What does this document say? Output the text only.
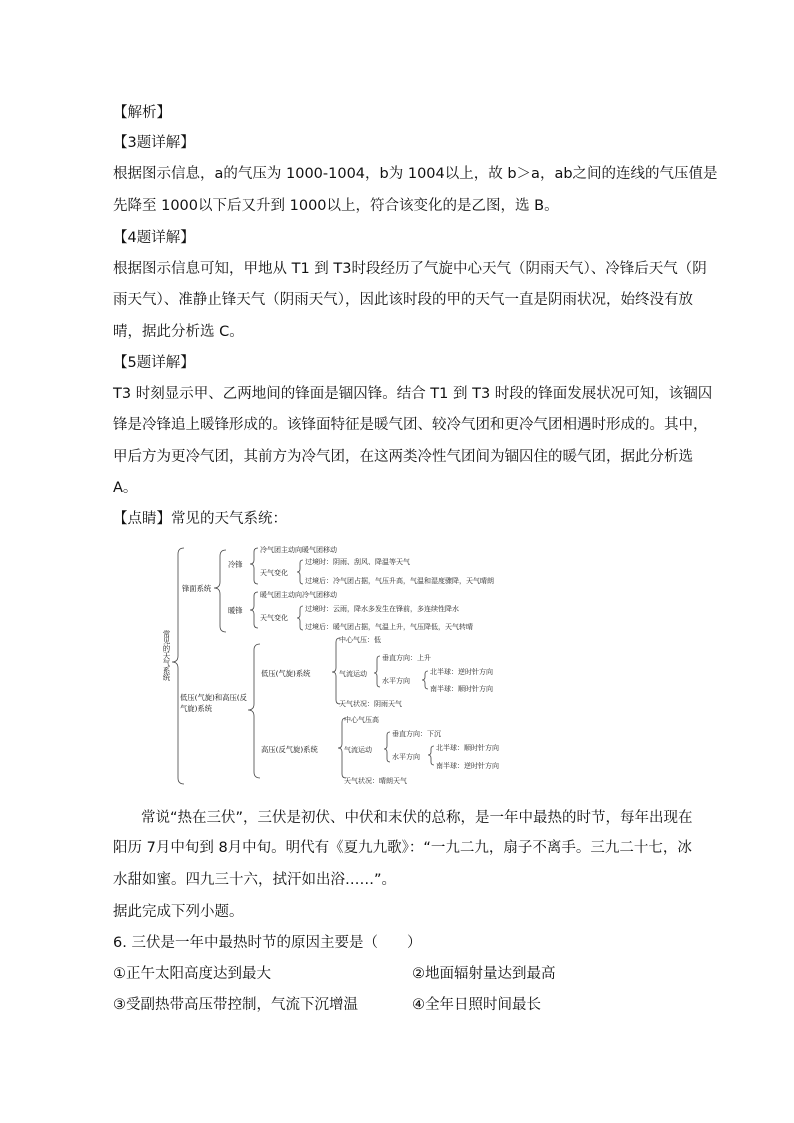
【解析】
【3题详解】
根据图示信息，a的气压为 1000-1004，b为 1004以上，故 b＞a，ab之间的连线的气压值是
先降至 1000以下后又升到 1000以上，符合该变化的是乙图，选 B。
【4题详解】
根据图示信息可知，甲地从 T1 到 T3时段经历了气旋中心天气（阴雨天气）、冷锋后天气（阴
雨天气）、准静止锋天气（阴雨天气），因此该时段的甲的天气一直是阴雨状况，始终没有放
晴，据此分析选 C。
【5题详解】
T3 时刻显示甲、乙两地间的锋面是锢囚锋。结合 T1 到 T3 时段的锋面发展状况可知，该锢囚
锋是冷锋追上暖锋形成的。该锋面特征是暖气团、较冷气团和更冷气团相遇时形成的。其中，
甲后方为更冷气团，其前方为冷气团，在这两类冷性气团间为锢囚住的暖气团，据此分析选
A。
【点睛】常见的天气系统：
常见的天气系统
锋面系统
冷锋
冷气团主动向暖气团移动
天气变化
过境时：阴雨、刮风、降温等天气
过境后：冷气团占据，气压升高，气温和湿度骤降，天气晴朗
暖锋
暖气团主动向冷气团移动
天气变化
过境时：云雨，降水多发生在锋前，多连续性降水
过境后：暖气团占据，气温上升，气压降低，天气转晴
低压(气旋)和高压(反气旋)系统
低压(气旋)系统
中心气压：低
气流运动
垂直方向：上升
水平方向
北半球：逆时针方向
南半球：顺时针方向
天气状况：阴雨天气
高压(反气旋)系统
中心气压高
气流运动
垂直方向：下沉
水平方向
北半球：顺时针方向
南半球：逆时针方向
天气状况：晴朗天气
常说“热在三伏”，三伏是初伏、中伏和末伏的总称，是一年中最热的时节，每年出现在
阳历 7月中旬到 8月中旬。明代有《夏九九歌》：“一九二九，扇子不离手。三九二十七，冰
水甜如蜜。四九三十六，拭汗如出浴……”。
据此完成下列小题。
6. 三伏是一年中最热时节的原因主要是（　　）
①正午太阳高度达到最大	②地面辐射量达到最高
③受副热带高压带控制，气流下沉增温	④全年日照时间最长
